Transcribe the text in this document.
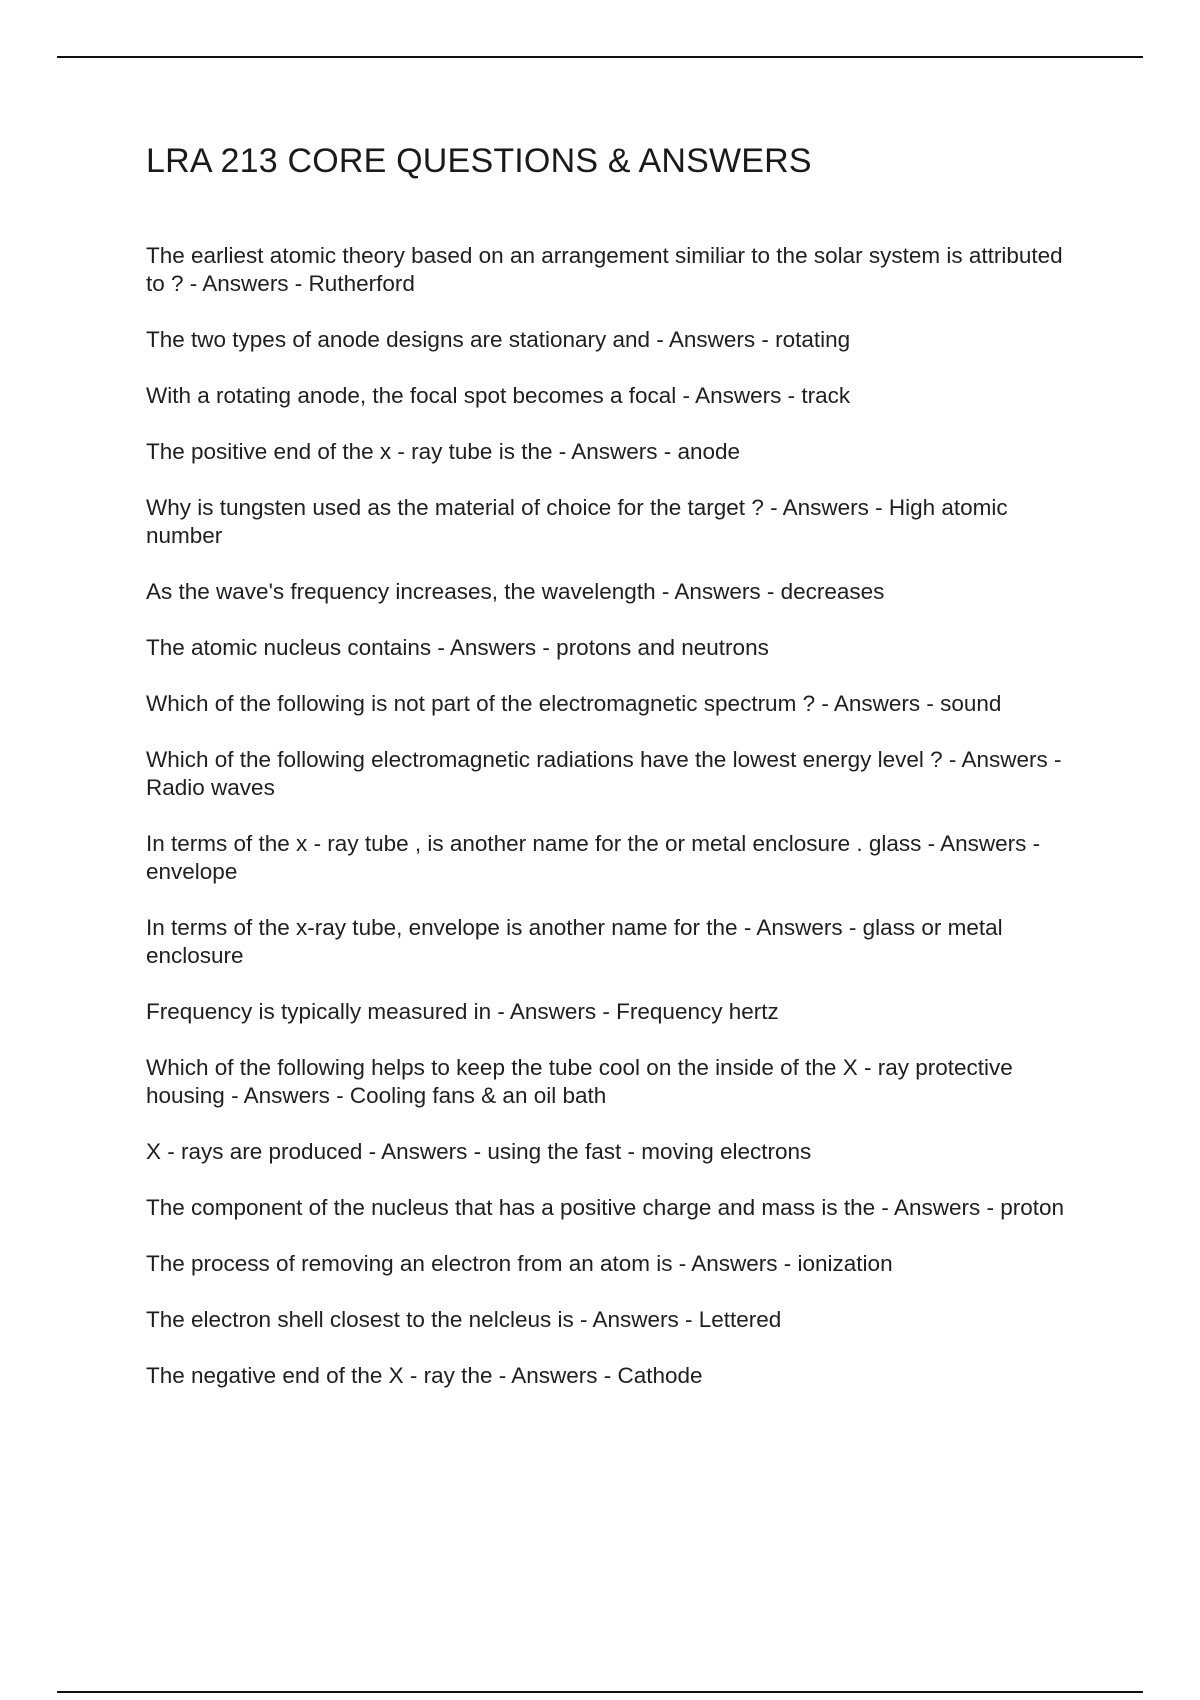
LRA 213 CORE QUESTIONS & ANSWERS
The earliest atomic theory based on an arrangement similiar to the solar system is attributed to ? - Answers - Rutherford
The two types of anode designs are stationary and - Answers - rotating
With a rotating anode, the focal spot becomes a focal - Answers - track
The positive end of the x - ray tube is the - Answers - anode
Why is tungsten used as the material of choice for the target ? - Answers - High atomic number
As the wave's frequency increases, the wavelength - Answers - decreases
The atomic nucleus contains - Answers - protons and neutrons
Which of the following is not part of the electromagnetic spectrum ? - Answers - sound
Which of the following electromagnetic radiations have the lowest energy level ? - Answers - Radio waves
In terms of the x - ray tube , is another name for the or metal enclosure . glass - Answers - envelope
In terms of the x-ray tube, envelope is another name for the - Answers - glass or metal enclosure
Frequency is typically measured in - Answers - Frequency hertz
Which of the following helps to keep the tube cool on the inside of the X - ray protective housing - Answers - Cooling fans & an oil bath
X - rays are produced - Answers - using the fast - moving electrons
The component of the nucleus that has a positive charge and mass is the - Answers - proton
The process of removing an electron from an atom is - Answers - ionization
The electron shell closest to the nelcleus is - Answers - Lettered
The negative end of the X - ray the - Answers - Cathode
